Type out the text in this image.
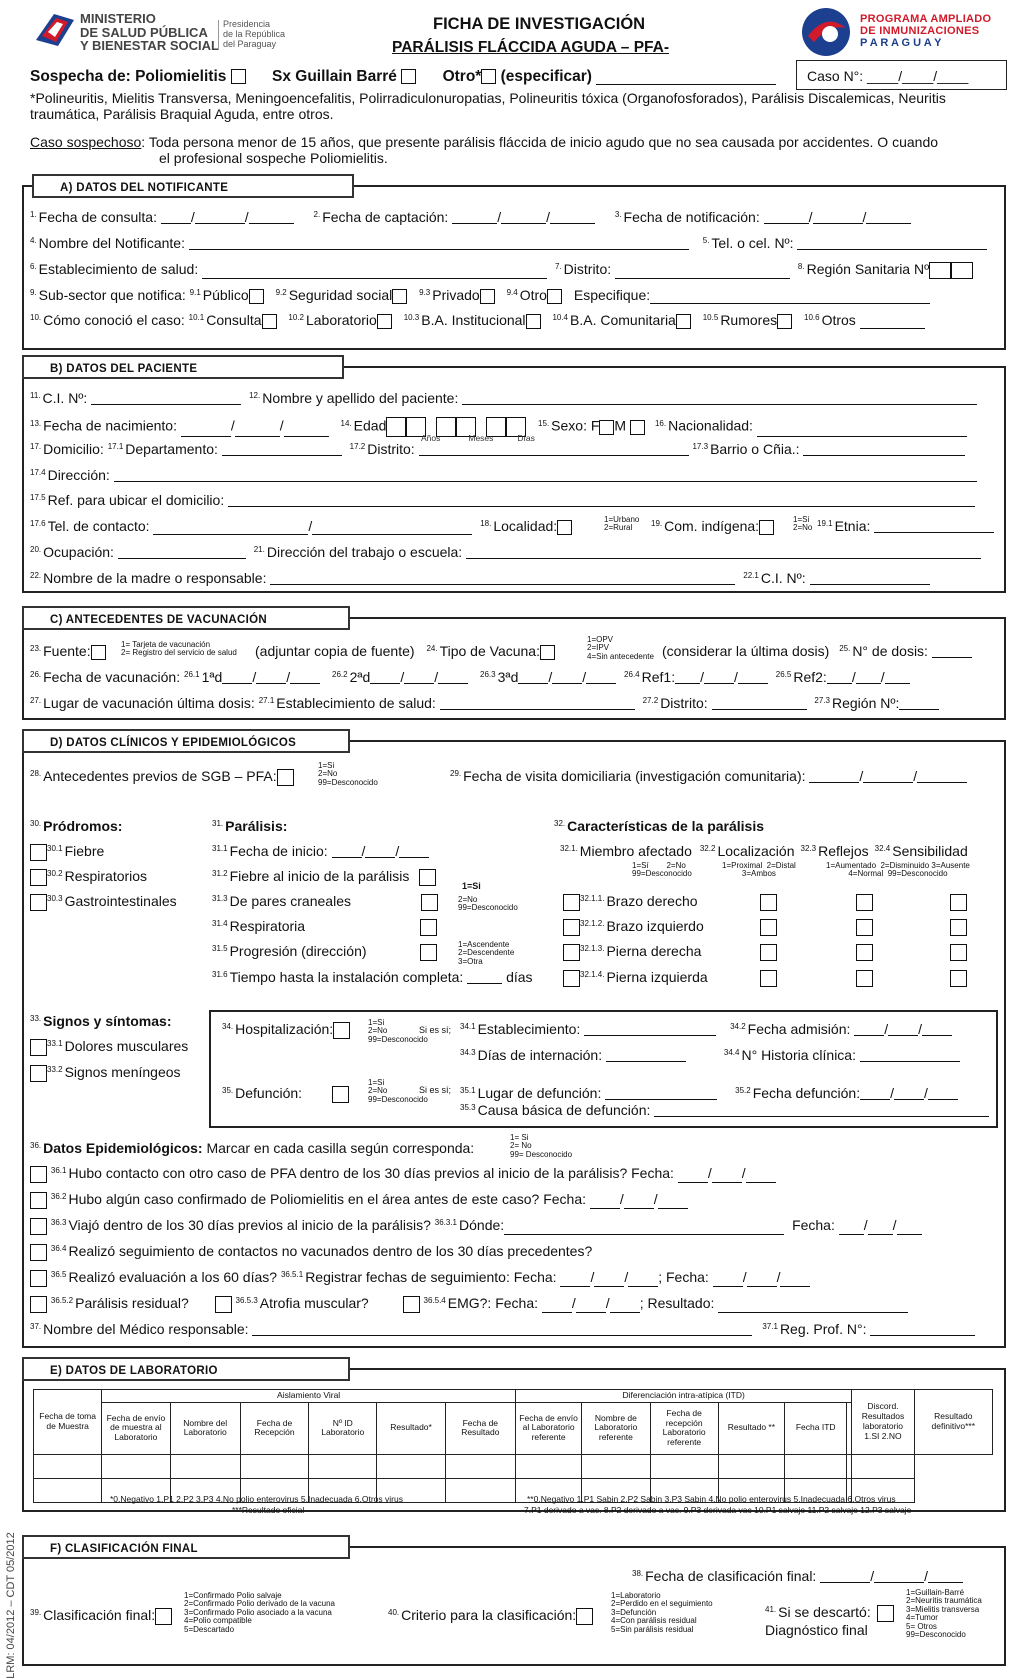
MINISTERIO
DE SALUD PÚBLICA
Y BIENESTAR SOCIAL
Presidencia
de la República
del Paraguay
FICHA DE INVESTIGACIÓN
PARÁLISIS FLÁCCIDA AGUDA – PFA-
PROGRAMA AMPLIADO
DE INMUNIZACIONES
P A R A G U A Y
Sospecha de: Poliomielitis	Sx Guillain Barré	Otro* (especificar)	Caso N°: ____/____/____
*Polineuritis, Mielitis Transversa, Meningoencefalitis, Polirradiculonuropatias, Polineuritis tóxica (Organofosforados), Parálisis Discalemicas, Neuritis traumática, Parálisis Braquial Aguda, entre otros.
Caso sospechoso: Toda persona menor de 15 años, que presente parálisis fláccida de inicio agudo que no sea causada por accidentes. O cuando
el profesional sospeche Poliomielitis.
A) DATOS DEL NOTIFICANTE
$^{1.}$ Fecha de consulta: /	/	$^{2.}$ Fecha de captación:	/	/	$^{3.}$ Fecha de notificación:	/	/
$^{4.}$ Nombre del Notificante:	$^{5.}$ Tel. o cel. Nº:
$^{6.}$ Establecimiento de salud:	$^{7.}$ Distrito:	$^{8.}$ Región Sanitaria Nº
$^{9.}$ Sub-sector que notifica: $^{9.1}$ Público	$^{9.2}$ Seguridad social	$^{9.3}$ Privado	$^{9.4}$ Otro Especifique:
$^{10.}$ Cómo conoció el caso: $^{10.1}$ Consulta	$^{10.2}$ Laboratorio	$^{10.3}$ B.A. Institucional	$^{10.4}$ B.A. Comunitaria	$^{10.5}$ Rumores	$^{10.6}$ Otros
B) DATOS DEL PACIENTE
$^{11.}$ C.I. Nº:	$^{12.}$ Nombre y apellido del paciente:
$^{13.}$ Fecha de nacimiento:	/	/	$^{14.}$ Edad	$^{15.}$ Sexo: F M	$^{16.}$ Nacionalidad:
Años	Meses	Días
$^{17.}$ Domicilio: $^{17.1}$ Departamento:	$^{17.2}$ Distrito:	$^{17.3}$ Barrio o Cñia.:
$^{17.4}$ Dirección:
$^{17.5}$ Ref. para ubicar el domicilio:
$^{17.6}$ Tel. de contacto:	/	$^{18.}$ Localidad:	1=Urbano
2=Rural	$^{19.}$ Com. indígena:	1=Si
2=No $^{19.1}$ Etnia:
$^{20.}$ Ocupación:	$^{21.}$ Dirección del trabajo o escuela:
$^{22.}$ Nombre de la madre o responsable:	$^{22.1}$ C.I. Nº:
C) ANTECEDENTES DE VACUNACIÓN
$^{23.}$ Fuente:	1= Tarjeta de vacunación
2= Registro del servicio de salud (adjuntar copia de fuente) $^{24.}$ Tipo de Vacuna:
1=OPV
2=IPV
4=Sin antecedente (considerar la última dosis) $^{25.}$ N° de dosis:
$^{26.}$ Fecha de vacunación: $^{26.1}$ 1ªd / /	$^{26.2}$ 2ªd / /	$^{26.3}$ 3ªd / /	$^{26.4}$ Ref1: / /	$^{26.5}$ Ref2: / /
$^{27.}$ Lugar de vacunación última dosis: $^{27.1}$ Establecimiento de salud:	$^{27.2}$ Distrito:	$^{27.3}$ Región Nº:
D) DATOS CLÍNICOS Y EPIDEMIOLÓGICOS
$^{28.}$ Antecedentes previos de SGB – PFA:
1=Si
2=No
99=Desconocido
$^{29.}$ Fecha de visita domiciliaria (investigación comunitaria):	/	/
$^{30.}$ Pródromos:
$^{30.1}$ Fiebre
$^{30.2}$ Respiratorios
$^{30.3}$ Gastrointestinales
$^{31.}$ Parálisis:
$^{31.1}$ Fecha de inicio: / /
$^{31.2}$ Fiebre al inicio de la parálisis
1=Si
$^{31.3}$ De pares craneales	2=No
99=Desconocido
$^{31.4}$ Respiratoria
$^{31.5}$ Progresión (dirección)	1=Ascendente
2=Descendente
3=Otra
$^{31.6}$ Tiempo hasta la instalación completa:	días
$^{32.}$ Características de la parálisis
$^{32.1.}$ Miembro afectado $^{32.2}$ Localización $^{32.3}$ Reflejos $^{32.4}$ Sensibilidad
1=Sí        2=No
99=Desconocido
1=Proximal  2=Distal
3=Ambos
1=Aumentado  2=Disminuido 3=Ausente
4=Normal  99=Desconocido
$^{32.1.1.}$ Brazo derecho
$^{32.1.2.}$ Brazo izquierdo
$^{32.1.3.}$ Pierna derecha
$^{32.1.4.}$ Pierna izquierda
$^{33.}$ Signos y síntomas:
$^{33.1}$ Dolores musculares
$^{33.2}$ Signos meníngeos
$^{34.}$ Hospitalización:	1=Si
2=No
99=Desconocido
Si es sí; $^{34.1}$ Establecimiento:	$^{34.2}$ Fecha admisión: / /
$^{34.3}$ Días de internación:	$^{34.4}$ N° Historia clínica:
$^{35.}$ Defunción:
1=Si
2=No
99=Desconocido
Si es sí; $^{35.1}$ Lugar de defunción:	$^{35.2}$ Fecha defunción: / /
$^{35.3}$ Causa básica de defunción:
$^{36.}$ Datos Epidemiológicos: Marcar en cada casilla según corresponda:
1= Si
2= No
99= Desconocido
$^{36.1}$ Hubo contacto con otro caso de PFA dentro de los 30 días previos al inicio de la parálisis? Fecha: / /
$^{36.2}$ Hubo algún caso confirmado de Poliomielitis en el área antes de este caso? Fecha: / /
$^{36.3}$ Viajó dentro de los 30 días previos al inicio de la parálisis? $^{36.3.1}$ Dónde:	Fecha: / /
$^{36.4}$ Realizó seguimiento de contactos no vacunados dentro de los 30 días precedentes?
$^{36.5}$ Realizó evaluación a los 60 días? $^{36.5.1}$ Registrar fechas de seguimiento: Fecha: / / ; Fecha: / /
$^{36.5.2}$ Parálisis residual?	$^{36.5.3}$ Atrofia muscular?	$^{36.5.4}$ EMG?: Fecha: / / ; Resultado:
$^{37.}$ Nombre del Médico responsable:	$^{37.1}$ Reg. Prof. N°:
E) DATOS DE LABORATORIO
Fecha de toma de Muestra	Aislamiento Viral						Diferenciación intra-atípica (ITD)						Discord. Resultados laboratorio 1.SI 2.NO	Resultado definitivo***
	Fecha de envío de muestra al Laboratorio	Nombre del Laboratorio	Fecha de Recepción	Nº ID Laboratorio	Resultado*	Fecha de Resultado	Fecha de envío al Laboratorio referente	Nombre de Laboratorio referente	Fecha de recepción Laboratorio referente	Resultado **	Fecha ITD			

*0.Negativo 1.P1 2.P2 3.P3 4.No polio enterovirus 5.Inadecuada 6.Otros virus
***Resultado oficial
**0.Negativo 1.P1 Sabin 2.P2 Sabin 3.P3 Sabin 4.No polio enterovirus 5.Inadecuada 6.Otros virus
7.P1 derivado a vac. 8.P2 derivado a vac. 9.P3 derivada vac 10.P1 salvaje 11.P2 salvaje 12.P3 salvaje
F) CLASIFICACIÓN FINAL
$^{38.}$ Fecha de clasificación final:	/	/
$^{39.}$ Clasificación final:
1=Confirmado Polio salvaje
2=Confirmado Polio derivado de la vacuna
3=Confirmado Polio asociado a la vacuna
4=Polio compatible
5=Descartado
$^{40.}$ Criterio para la clasificación:
1=Laboratorio
2=Perdido en el seguimiento
3=Defunción
4=Con parálisis residual
5=Sin parálisis residual
$^{41.}$ Si se descartó:
Diagnóstico final
1=Guillain-Barré
2=Neuritis traumática
3=Mielitis transversa
4=Tumor
5= Otros
99=Desconocido
LRM: 04/2012 – CDT 05/2012
